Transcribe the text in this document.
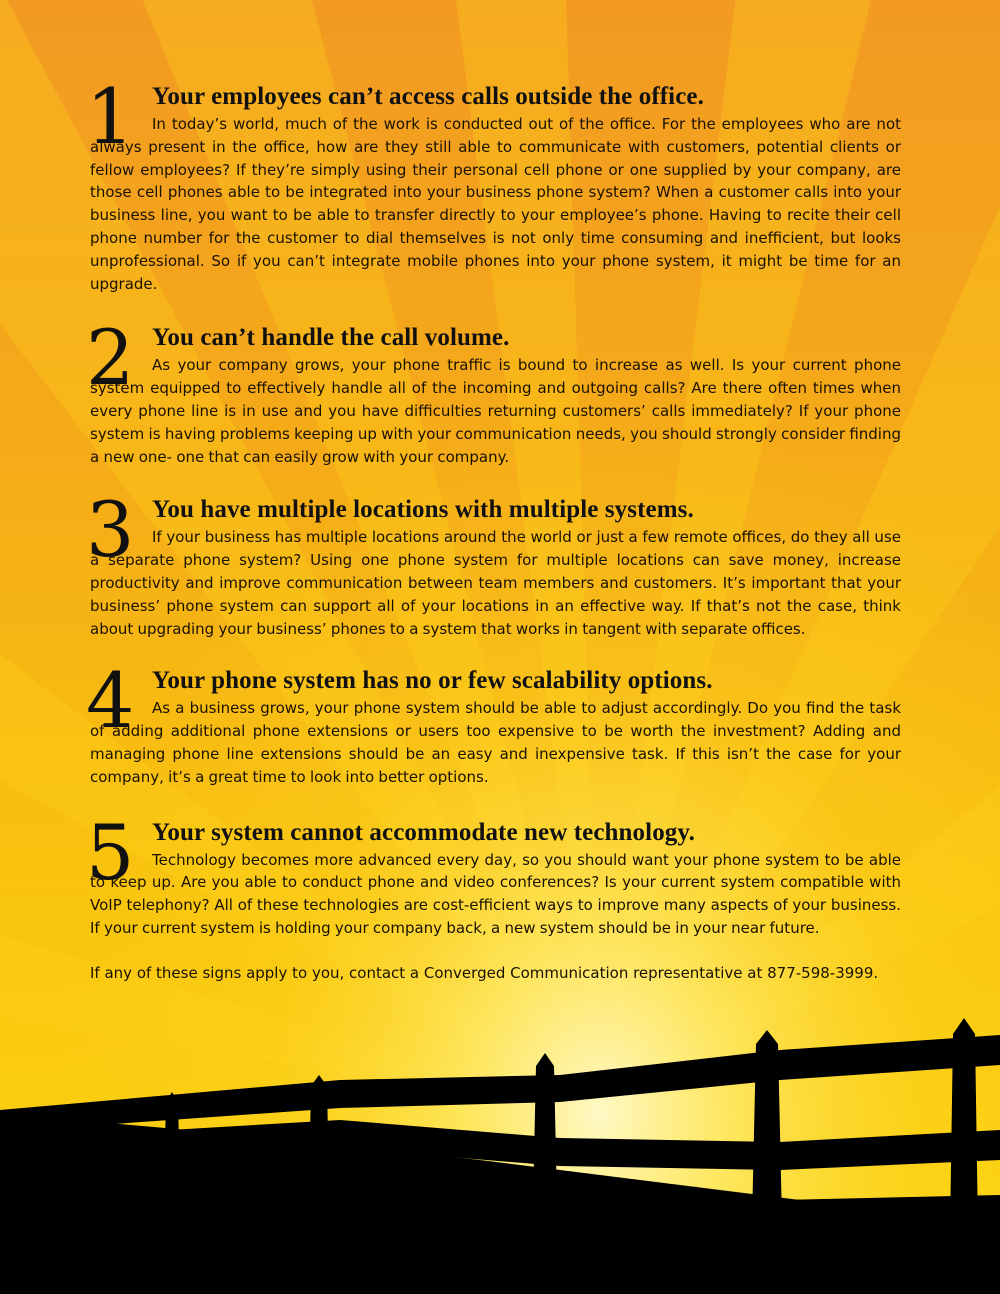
1 Your employees can’t access calls outside the office.

In today’s world, much of the work is conducted out of the office. For the employees who are not always present in the office, how are they still able to communicate with customers, potential clients or fellow employees? If they’re simply using their personal cell phone or one supplied by your company, are those cell phones able to be integrated into your business phone system? When a customer calls into your business line, you want to be able to transfer directly to your employee’s phone. Having to recite their cell phone number for the customer to dial themselves is not only time consuming and inefficient, but looks unprofessional. So if you can’t integrate mobile phones into your phone system, it might be time for an upgrade.

2 You can’t handle the call volume.

As your company grows, your phone traffic is bound to increase as well. Is your current phone system equipped to effectively handle all of the incoming and outgoing calls? Are there often times when every phone line is in use and you have difficulties returning customers’ calls immediately? If your phone system is having problems keeping up with your communication needs, you should strongly consider finding a new one- one that can easily grow with your company.

3 You have multiple locations with multiple systems.

If your business has multiple locations around the world or just a few remote offices, do they all use a separate phone system? Using one phone system for multiple locations can save money, increase productivity and improve communication between team members and customers. It’s important that your business’ phone system can support all of your locations in an effective way. If that’s not the case, think about upgrading your business’ phones to a system that works in tangent with separate offices.

4 Your phone system has no or few scalability options.

As a business grows, your phone system should be able to adjust accordingly. Do you find the task of adding additional phone extensions or users too expensive to be worth the investment? Adding and managing phone line extensions should be an easy and inexpensive task. If this isn’t the case for your company, it’s a great time to look into better options.

5 Your system cannot accommodate new technology.

Technology becomes more advanced every day, so you should want your phone system to be able to keep up. Are you able to conduct phone and video conferences? Is your current system compatible with VoIP telephony? All of these technologies are cost-efficient ways to improve many aspects of your business. If your current system is holding your company back, a new system should be in your near future.

If any of these signs apply to you, contact a Converged Communication representative at 877-598-3999.
